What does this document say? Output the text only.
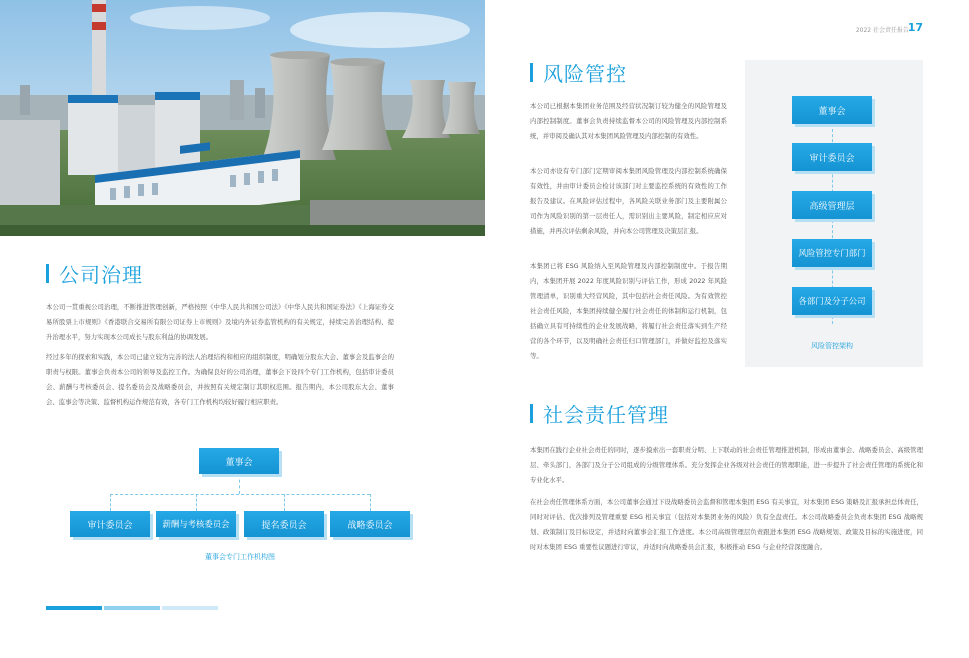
公司治理

本公司一贯重视公司治理，不断推进管理创新，严格按照《中华人民共和国公司法》《中华人民共和国证券法》《上海证券交易所股票上市规则》《香港联合交易所有限公司证券上市规则》及境内外证券监管机构的有关规定，持续完善治理结构、提升治理水平，努力实现本公司成长与股东利益的协调发展。

经过多年的探索和实践，本公司已建立较为完善的法人治理结构和相应的组织制度，明确划分股东大会、董事会及监事会的职责与权限。董事会负责本公司的领导及监控工作。为确保良好的公司治理，董事会下设四个专门工作机构，包括审计委员会、薪酬与考核委员会、提名委员会及战略委员会，并按照有关规定制订其职权范围。报告期内，本公司股东大会、董事会、监事会等决策、监督机构运作规范有效，各专门工作机构均较好履行相应职责。

董事会
审计委员会	薪酬与考核委员会	提名委员会	战略委员会
董事会专门工作机构图
2022 社会责任报告
17
风险管控

本公司已根据本集团业务范围及经营状况制订较为健全的风险管理及内部控制制度。董事会负责持续监督本公司的风险管理及内部控制系统，并审阅及确认其对本集团风险管理及内部控制的有效性。

本公司亦设有专门部门定期审阅本集团风险管理及内部控制系统确保有效性，并由审计委员会检讨该部门对主要监控系统的有效性的工作报告及建议。在风险评估过程中，各风险关联业务部门及主要附属公司作为风险识别的第一层责任人，需识别出主要风险，制定相应应对措施，并再次评估剩余风险，并向本公司管理及决策层汇报。

本集团已将 ESG 风险纳入至风险管理及内部控制制度中。于报告期内，本集团开展 2022 年度风险识别与评估工作，形成 2022 年风险管理清单，识别重大经营风险，其中包括社会责任风险。为有效管控社会责任风险，本集团持续健全履行社会责任的体制和运行机制，包括确立具有可持续性的企业发展战略，将履行社会责任落实到生产经营的各个环节，以及明确社会责任归口管理部门，并做好监控及落实等。

董事会
审计委员会
高级管理层
风险管控专门部门
各部门及分子公司
风险管控架构
社会责任管理

本集团在践行企业社会责任的同时，逐步摸索出一套职责分明、上下联动的社会责任管理推进机制，形成由董事会、战略委员会、高级管理层、牵头部门、各部门及分子公司组成的分级管理体系。充分发挥企业各级对社会责任的管理职能，进一步提升了社会责任管理的系统化和专业化水平。

在社会责任管理体系方面，本公司董事会通过下设战略委员会监督和管理本集团 ESG 有关事宜，对本集团 ESG 策略及汇报承担总体责任，同时对评估、优次排列及管理重要 ESG 相关事宜（包括对本集团业务的风险）负有全盘责任。本公司战略委员会负责本集团 ESG 战略规划、政策制订及目标设定，并适时向董事会汇报工作进度。本公司高级管理层负责跟进本集团 ESG 战略规划、政策及目标的实施进度，同时对本集团 ESG 重要性议题进行审议，并适时向战略委员会汇报，积极推动 ESG 与企业经营深度融合。
